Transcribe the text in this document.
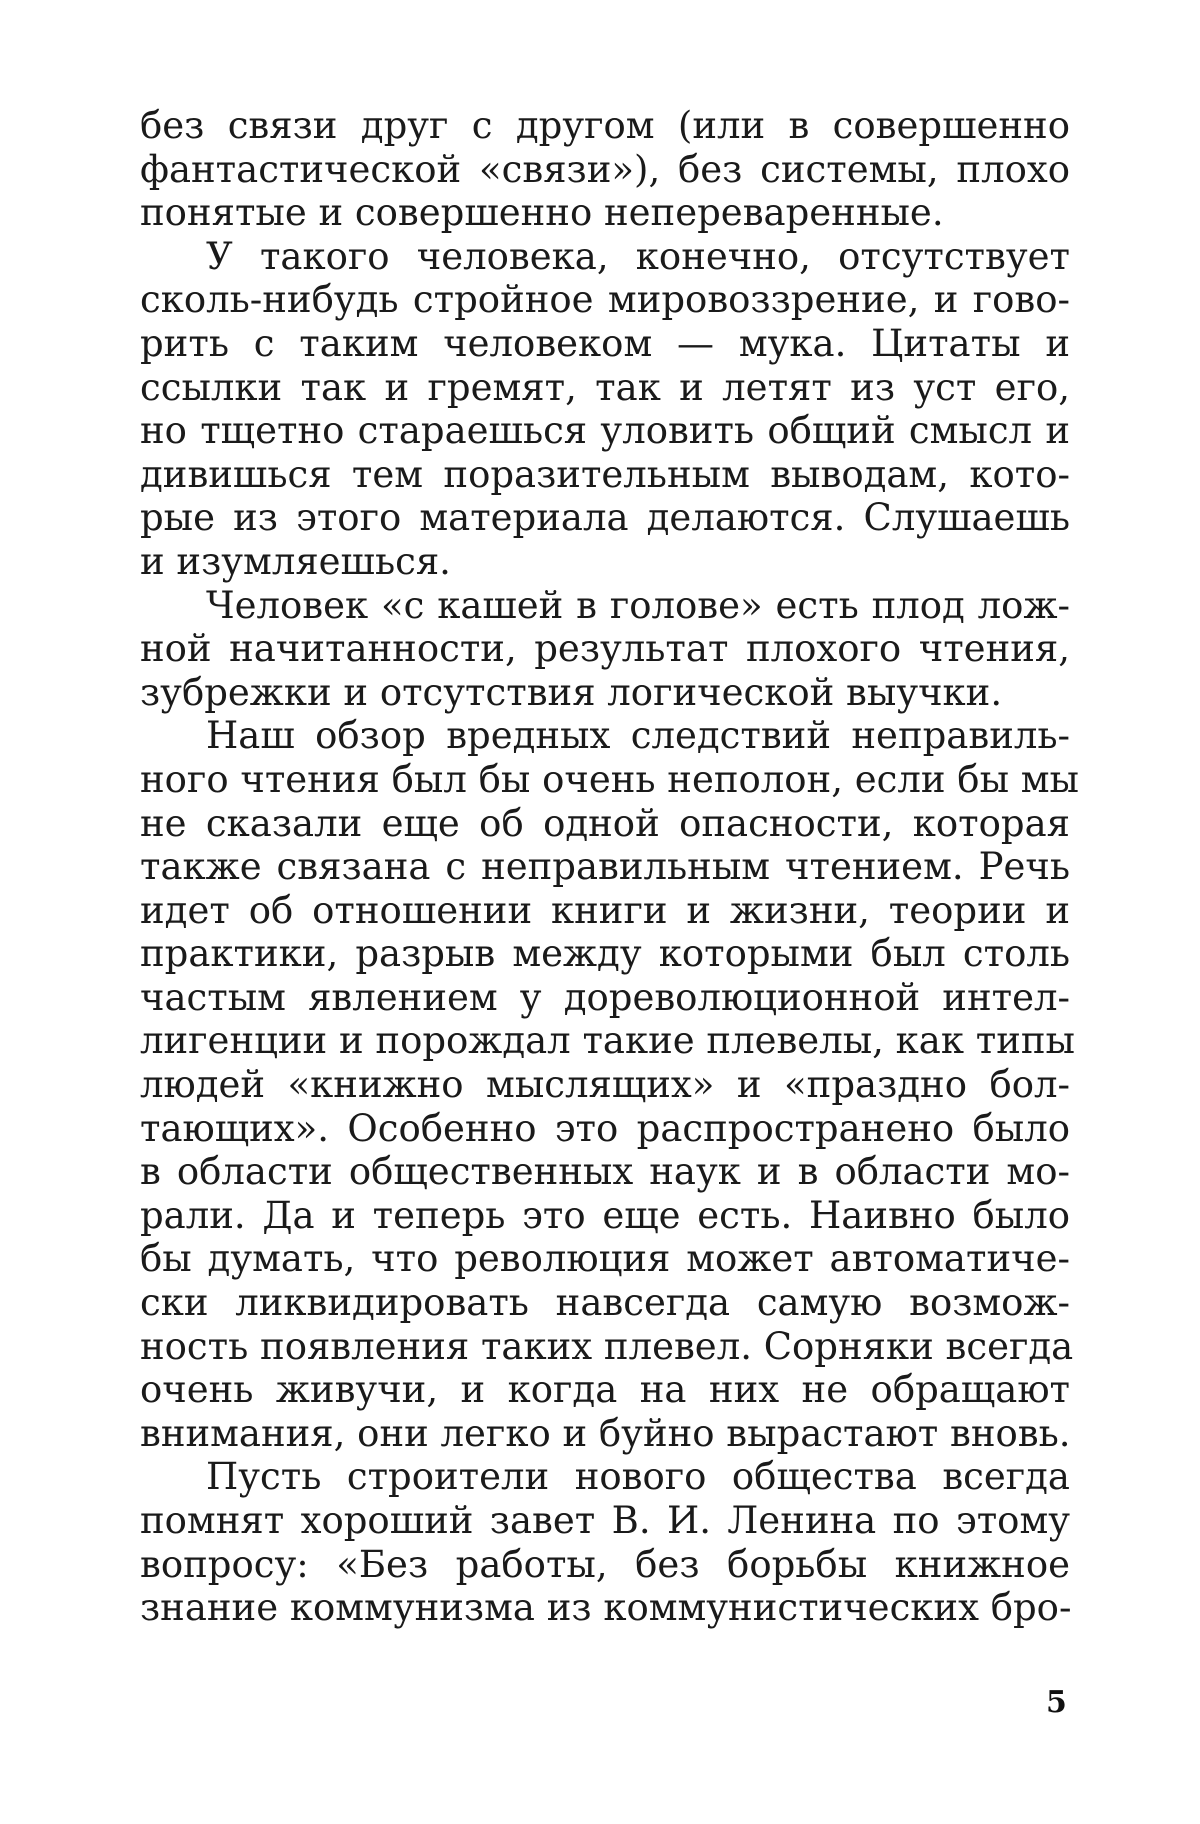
без связи друг с другом (или в совершенно
фантастической «связи»), без системы, плохо
понятые и совершенно непереваренные.
У такого человека, конечно, отсутствует
сколь-нибудь стройное мировоззрение, и гово-
рить с таким человеком — мука. Цитаты и
ссылки так и гремят, так и летят из уст его,
но тщетно стараешься уловить общий смысл и
дивишься тем поразительным выводам, кото-
рые из этого материала делаются. Слушаешь
и изумляешься.
Человек «с кашей в голове» есть плод лож-
ной начитанности, результат плохого чтения,
зубрежки и отсутствия логической выучки.
Наш обзор вредных следствий неправиль-
ного чтения был бы очень неполон, если бы мы
не сказали еще об одной опасности, которая
также связана с неправильным чтением. Речь
идет об отношении книги и жизни, теории и
практики, разрыв между которыми был столь
частым явлением у дореволюционной интел-
лигенции и порождал такие плевелы, как типы
людей «книжно мыслящих» и «праздно бол-
тающих». Особенно это распространено было
в области общественных наук и в области мо-
рали. Да и теперь это еще есть. Наивно было
бы думать, что революция может автоматиче-
ски ликвидировать навсегда самую возмож-
ность появления таких плевел. Сорняки всегда
очень живучи, и когда на них не обращают
внимания, они легко и буйно вырастают вновь.
Пусть строители нового общества всегда
помнят хороший завет В. И. Ленина по этому
вопросу: «Без работы, без борьбы книжное
знание коммунизма из коммунистических бро-
5
